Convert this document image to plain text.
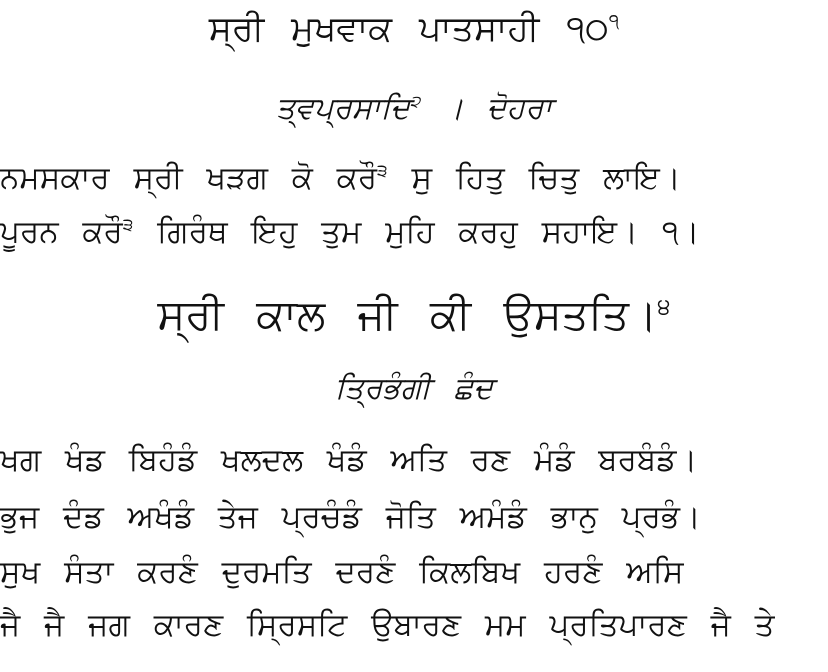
ਸ੍ਰੀ ਮੁਖਵਾਕ ਪਾਤਸਾਹੀ $੧੦^੧$
ਤ੍ਵਪ੍ਰਸਾਦਿ$^੨$ । ਦੋਹਰਾ
ਨਮਸਕਾਰ ਸ੍ਰੀ ਖੜਗ ਕੋ ਕਰੌ$^੩$ ਸੁ ਹਿਤੁ ਚਿਤੁ ਲਾਇ।
ਪੂਰਨ ਕਰੌ$^੩$ ਗਿਰੰਥ ਇਹੁ ਤੁਮ ਮੁਹਿ ਕਰਹੁ ਸਹਾਇ। ੧।
ਸ੍ਰੀ ਕਾਲ ਜੀ ਕੀ ਉਸਤਤਿ।$^੪$
ਤ੍ਰਿਭੰਗੀ ਛੰਦ
ਖਗ ਖੰਡ ਬਿਹੰਡੰ ਖਲਦਲ ਖੰਡੰ ਅਤਿ ਰਣ ਮੰਡੰ ਬਰਬੰਡੰ।
ਭੁਜ ਦੰਡ ਅਖੰਡੰ ਤੇਜ ਪ੍ਰਚੰਡੰ ਜੋਤਿ ਅਮੰਡੰ ਭਾਨੁ ਪ੍ਰਭੰ।
ਸੁਖ ਸੰਤਾ ਕਰਣੰ ਦੁਰਮਤਿ ਦਰਣੰ ਕਿਲਬਿਖ ਹਰਣੰ ਅਸਿ
ਜੈ ਜੈ ਜਗ ਕਾਰਣ ਸ੍ਰਿਸਟਿ ਉਬਾਰਣ ਮਮ ਪ੍ਰਤਿਪਾਰਣ ਜੈ ਤੇ
